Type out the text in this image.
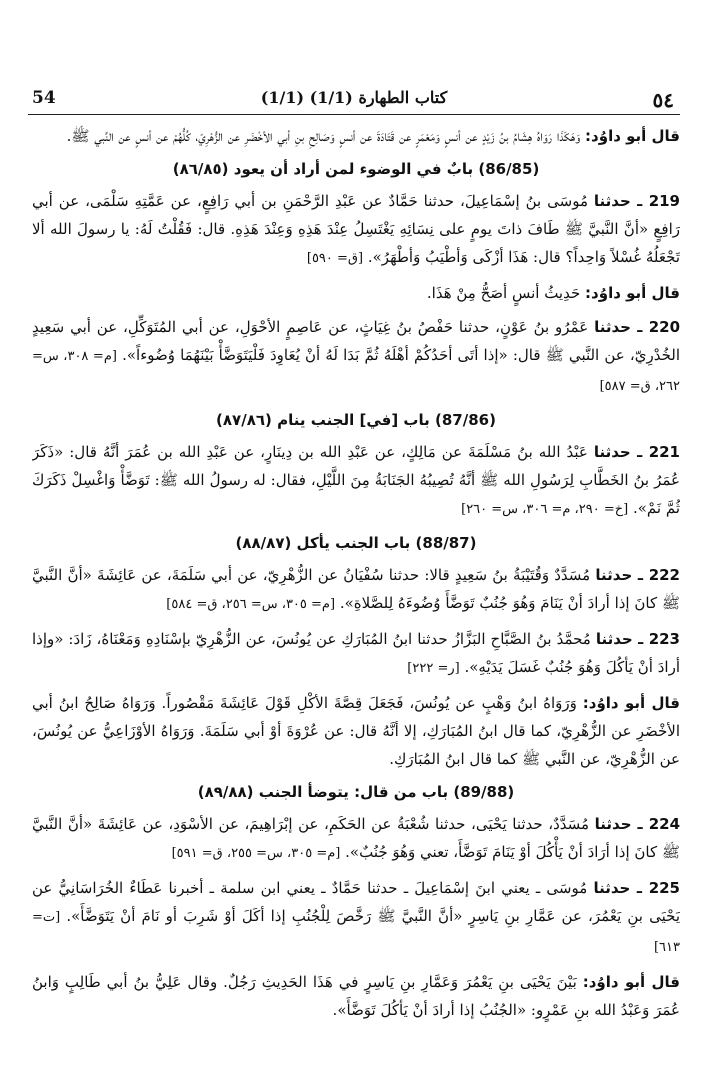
54	(1/1) كتاب الطهارة (1/1)	٥٤

قال أبو داوُد: وَهَكَذَا رَوَاهُ هِشَامُ بنُ زَيْدٍ عن أنسٍ وَمَعْمَرٍ عن قَتَادَةَ عن أنسٍ وَصَالِحِ بنِ أبي الأخْضَرِ عن الزُّهْرِيّ، كُلُّهُمْ عن أنسٍ عن النَّبي ﷺ.

(86/85) بابٌ في الوضوء لمن أراد أن يعود (٨٦/٨٥)

219 ـ حدثنا مُوسَى بنُ إسْمَاعِيلَ، حدثنا حَمَّادٌ عن عَبْدِ الرَّحْمَنِ بن أبي رَافِعٍ، عن عَمَّتِهِ سَلْمَى، عن أبي رَافِعٍ «أنَّ النَّبيَّ ﷺ طَافَ ذاتَ يومٍ على نِسَائِهِ يَغْتَسِلُ عِنْدَ هَذِهِ وَعِنْدَ هَذِهِ. قال: فَقُلْتُ لَهُ: يا رسولَ الله ألا تَجْعَلُهُ غُسْلاً وَاحِداً؟ قال: هَذَا أزْكَى وَأطْيَبُ وَأطْهَرُ». [ق= ٥٩٠]

قال أبو داوُد: حَدِيثُ أنسٍ أصَحُّ مِنْ هَذَا.

220 ـ حدثنا عَمْرُو بنُ عَوْنٍ، حدثنا حَفْصُ بنُ غِيَاثٍ، عن عَاصِمٍ الأحْوَلِ، عن أبي المُتَوَكِّلِ، عن أبي سَعِيدٍ الخُدْرِيّ، عن النَّبي ﷺ قال: «إذا أتَى أحَدُكُمْ أهْلَهُ ثُمَّ بَدَا لَهُ أنْ يُعَاوِدَ فَلْيَتَوَضَّأْ بَيْنَهُمَا وُضُوءاً». [م= ٣٠٨، س= ٢٦٢، ق= ٥٨٧]

(87/86) باب [في] الجنب ينام (٨٧/٨٦)

221 ـ حدثنا عَبْدُ الله بنُ مَسْلَمَةَ عن مَالِكٍ، عن عَبْدِ الله بن دِينَارٍ، عن عَبْدِ الله بن عُمَرَ أنَّهُ قال: «ذَكَرَ عُمَرُ بنُ الخَطَّابِ لِرَسُولِ الله ﷺ أنَّهُ تُصِيبُهُ الجَنَابَةُ مِنَ اللَّيْلِ، فقال: له رسولُ الله ﷺ: تَوَضَّأْ وَاغْسِلْ ذَكَرَكَ ثُمَّ نَمْ». [خ= ٢٩٠، م= ٣٠٦، س= ٢٦٠]

(88/87) باب الجنب يأكل (٨٨/٨٧)

222 ـ حدثنا مُسَدَّدٌ وَقُتَيْبَةُ بنُ سَعِيدٍ قالا: حدثنا سُفْيَانُ عن الزُّهْرِيّ، عن أبي سَلَمَةَ، عن عَائِشَةَ «أنَّ النَّبيَّ ﷺ كانَ إذا أرادَ أنْ يَنَامَ وَهُوَ جُنُبٌ تَوَضَّأَ وُضُوءَهُ لِلصَّلاةِ». [م= ٣٠٥، س= ٢٥٦، ق= ٥٨٤]

223 ـ حدثنا مُحمَّدُ بنُ الصَّبَّاحِ البَزَّازُ حدثنا ابنُ المُبَارَكِ عن يُونُسَ، عن الزُّهْرِيّ بإسْنَادِهِ وَمَعْنَاهُ، زَادَ: «وإذا أرادَ أنْ يَأكُلَ وَهُوَ جُنُبٌ غَسَلَ يَدَيْهِ». [ر= ٢٢٢]

قال أبو داوُد: وَرَوَاهُ ابنُ وَهْبٍ عن يُونُسَ، فَجَعَلَ قِصَّةَ الأكْلِ قَوْلَ عَائِشَةَ مَقْصُوراً. وَرَوَاهُ صَالِحُ ابنُ أبي الأخْضَرِ عن الزُّهْرِيّ، كما قال ابنُ المُبَارَكِ، إلا أنَّهُ قال: عن عُرْوَةَ أوْ أبي سَلَمَةَ. وَرَوَاهُ الأوْزَاعِيُّ عن يُونُسَ، عن الزُّهْرِيّ، عن النَّبي ﷺ كما قال ابنُ المُبَارَكِ.

(89/88) باب من قال: يتوضأ الجنب (٨٩/٨٨)

224 ـ حدثنا مُسَدَّدٌ، حدثنا يَحْيَى، حدثنا شُعْبَةُ عن الحَكَمِ، عن إبْرَاهِيمَ، عن الأسْوَدِ، عن عَائِشَةَ «أنَّ النَّبيَّ ﷺ كانَ إذا أرَادَ أنْ يَأْكُلَ أوْ يَنَامَ تَوَضَّأَ، تعني وَهُوَ جُنُبٌ». [م= ٣٠٥، س= ٢٥٥، ق= ٥٩١]

225 ـ حدثنا مُوسَى ـ يعني ابنَ إسْمَاعِيلَ ـ حدثنا حَمَّادٌ ـ يعني ابن سلمة ـ أخبرنا عَطَاءٌ الخُرَاسَانِيُّ عن يَحْيَى بنِ يَعْمُرَ، عن عَمَّارِ بنِ يَاسِرٍ «أنَّ النَّبيَّ ﷺ رَخَّصَ لِلْجُنُبِ إذا أكَلَ أوْ شَرِبَ أو نَامَ أنْ يَتَوَضَّأَ». [ت= ٦١٣]

قال أبو داوُد: بَيْنَ يَحْيَى بنِ يَعْمُرَ وَعَمَّارِ بنِ يَاسِرٍ في هَذَا الحَدِيثِ رَجُلٌ. وقال عَلِيُّ بنُ أبي طَالِبٍ وَابنُ عُمَرَ وَعَبْدُ الله بنِ عَمْرٍو: «الجُنُبُ إذا أرادَ أنْ يَأكُلَ تَوَضَّأَ».
